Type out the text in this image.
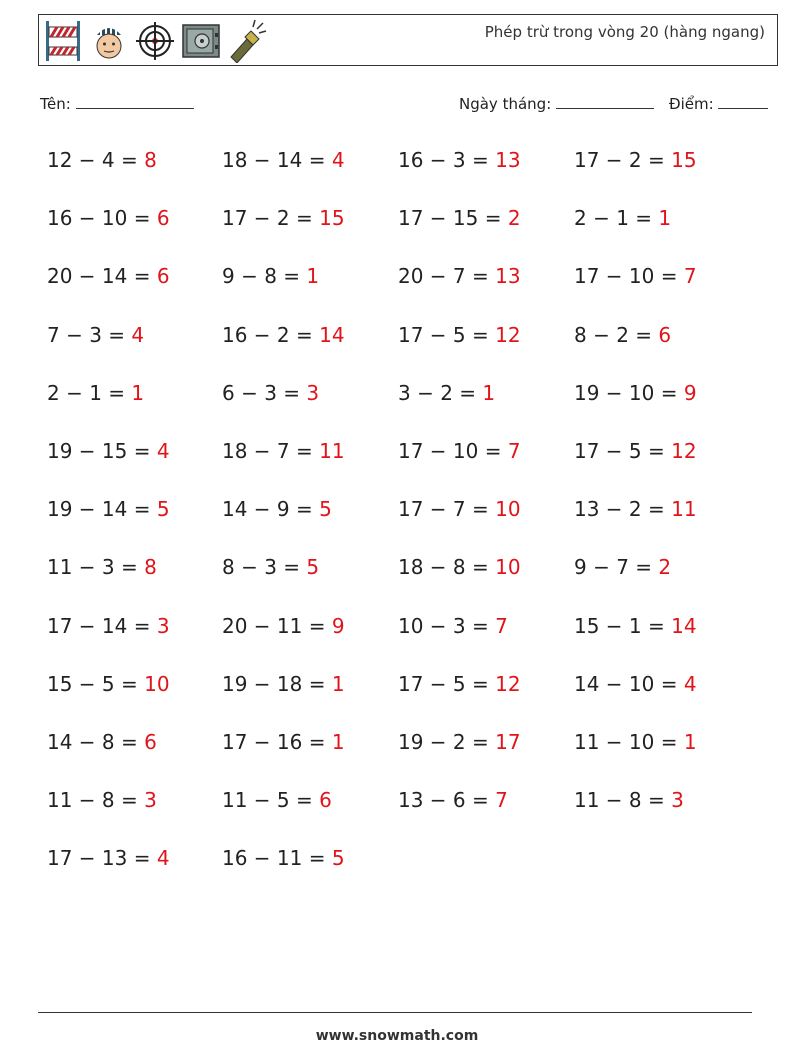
Phép trừ trong vòng 20 (hàng ngang)
Tên:	Ngày tháng:	Điểm:
12 − 4 = 8	18 − 14 = 4	16 − 3 = 13	17 − 2 = 15
16 − 10 = 6	17 − 2 = 15	17 − 15 = 2	2 − 1 = 1
20 − 14 = 6	9 − 8 = 1	20 − 7 = 13	17 − 10 = 7
7 − 3 = 4	16 − 2 = 14	17 − 5 = 12	8 − 2 = 6
2 − 1 = 1	6 − 3 = 3	3 − 2 = 1	19 − 10 = 9
19 − 15 = 4	18 − 7 = 11	17 − 10 = 7	17 − 5 = 12
19 − 14 = 5	14 − 9 = 5	17 − 7 = 10	13 − 2 = 11
11 − 3 = 8	8 − 3 = 5	18 − 8 = 10	9 − 7 = 2
17 − 14 = 3	20 − 11 = 9	10 − 3 = 7	15 − 1 = 14
15 − 5 = 10	19 − 18 = 1	17 − 5 = 12	14 − 10 = 4
14 − 8 = 6	17 − 16 = 1	19 − 2 = 17	11 − 10 = 1
11 − 8 = 3	11 − 5 = 6	13 − 6 = 7	11 − 8 = 3
17 − 13 = 4	16 − 11 = 5
www.snowmath.com
